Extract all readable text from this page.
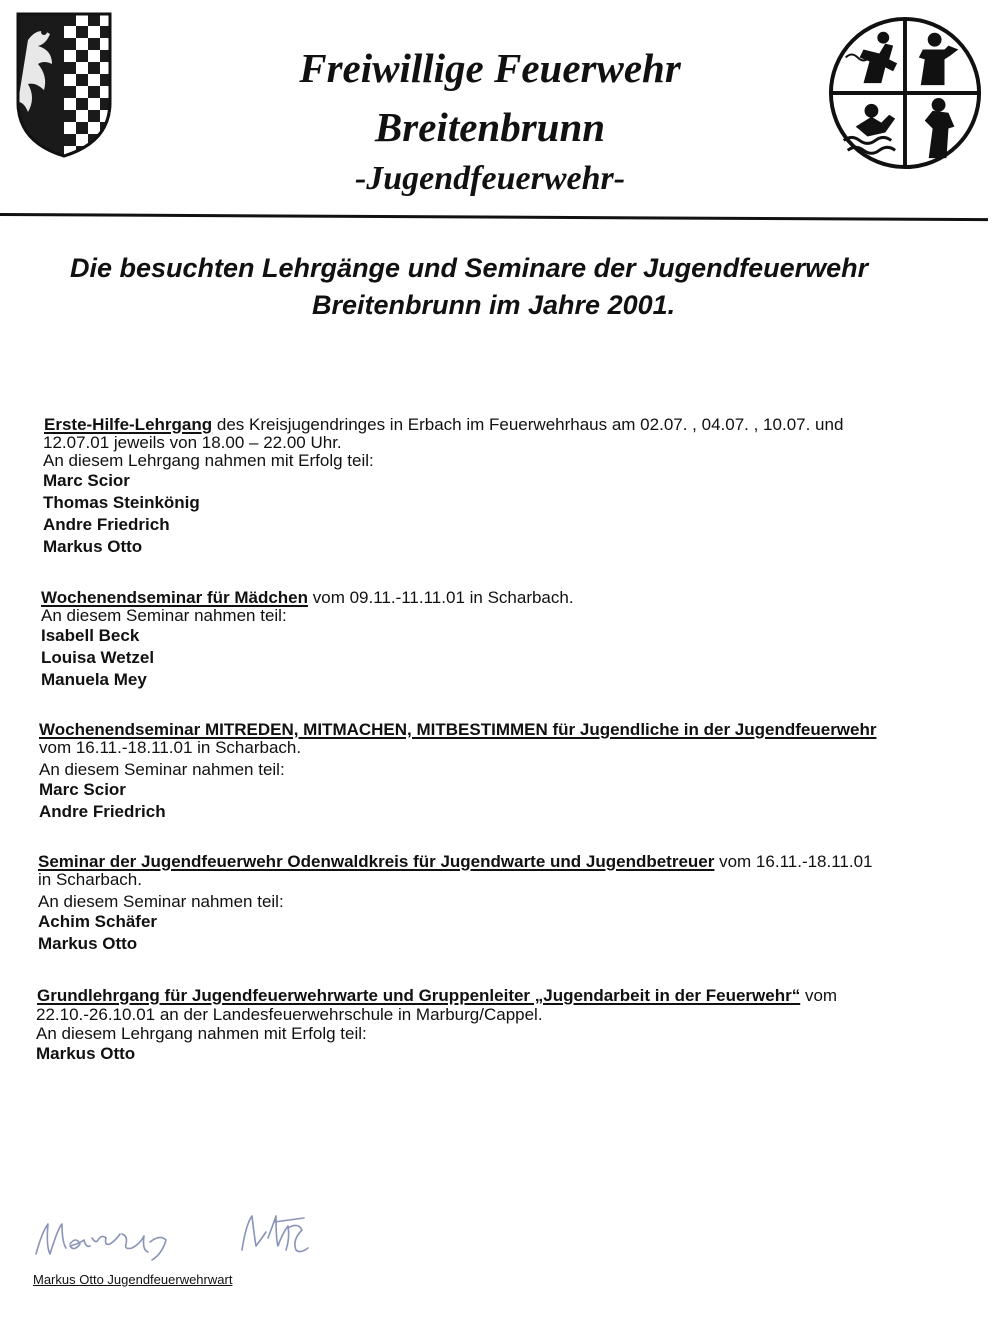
Freiwillige Feuerwehr
Breitenbrunn
-Jugendfeuerwehr-
Die besuchten Lehrgänge und Seminare der Jugendfeuerwehr
Breitenbrunn im Jahre 2001.
Erste-Hilfe-Lehrgang des Kreisjugendringes in Erbach im Feuerwehrhaus am 02.07. , 04.07. , 10.07. und
12.07.01 jeweils von 18.00 – 22.00 Uhr.
An diesem Lehrgang nahmen mit Erfolg teil:
Marc Scior
Thomas Steinkönig
Andre Friedrich
Markus Otto
Wochenendseminar für Mädchen vom 09.11.-11.11.01 in Scharbach.
An diesem Seminar nahmen teil:
Isabell Beck
Louisa Wetzel
Manuela Mey
Wochenendseminar MITREDEN, MITMACHEN, MITBESTIMMEN für Jugendliche in der Jugendfeuerwehr
vom 16.11.-18.11.01 in Scharbach.
An diesem Seminar nahmen teil:
Marc Scior
Andre Friedrich
Seminar der Jugendfeuerwehr Odenwaldkreis für Jugendwarte und Jugendbetreuer vom 16.11.-18.11.01
in Scharbach.
An diesem Seminar nahmen teil:
Achim Schäfer
Markus Otto
Grundlehrgang für Jugendfeuerwehrwarte und Gruppenleiter „Jugendarbeit in der Feuerwehr“ vom
22.10.-26.10.01 an der Landesfeuerwehrschule in Marburg/Cappel.
An diesem Lehrgang nahmen mit Erfolg teil:
Markus Otto
Markus Otto Jugendfeuerwehrwart
